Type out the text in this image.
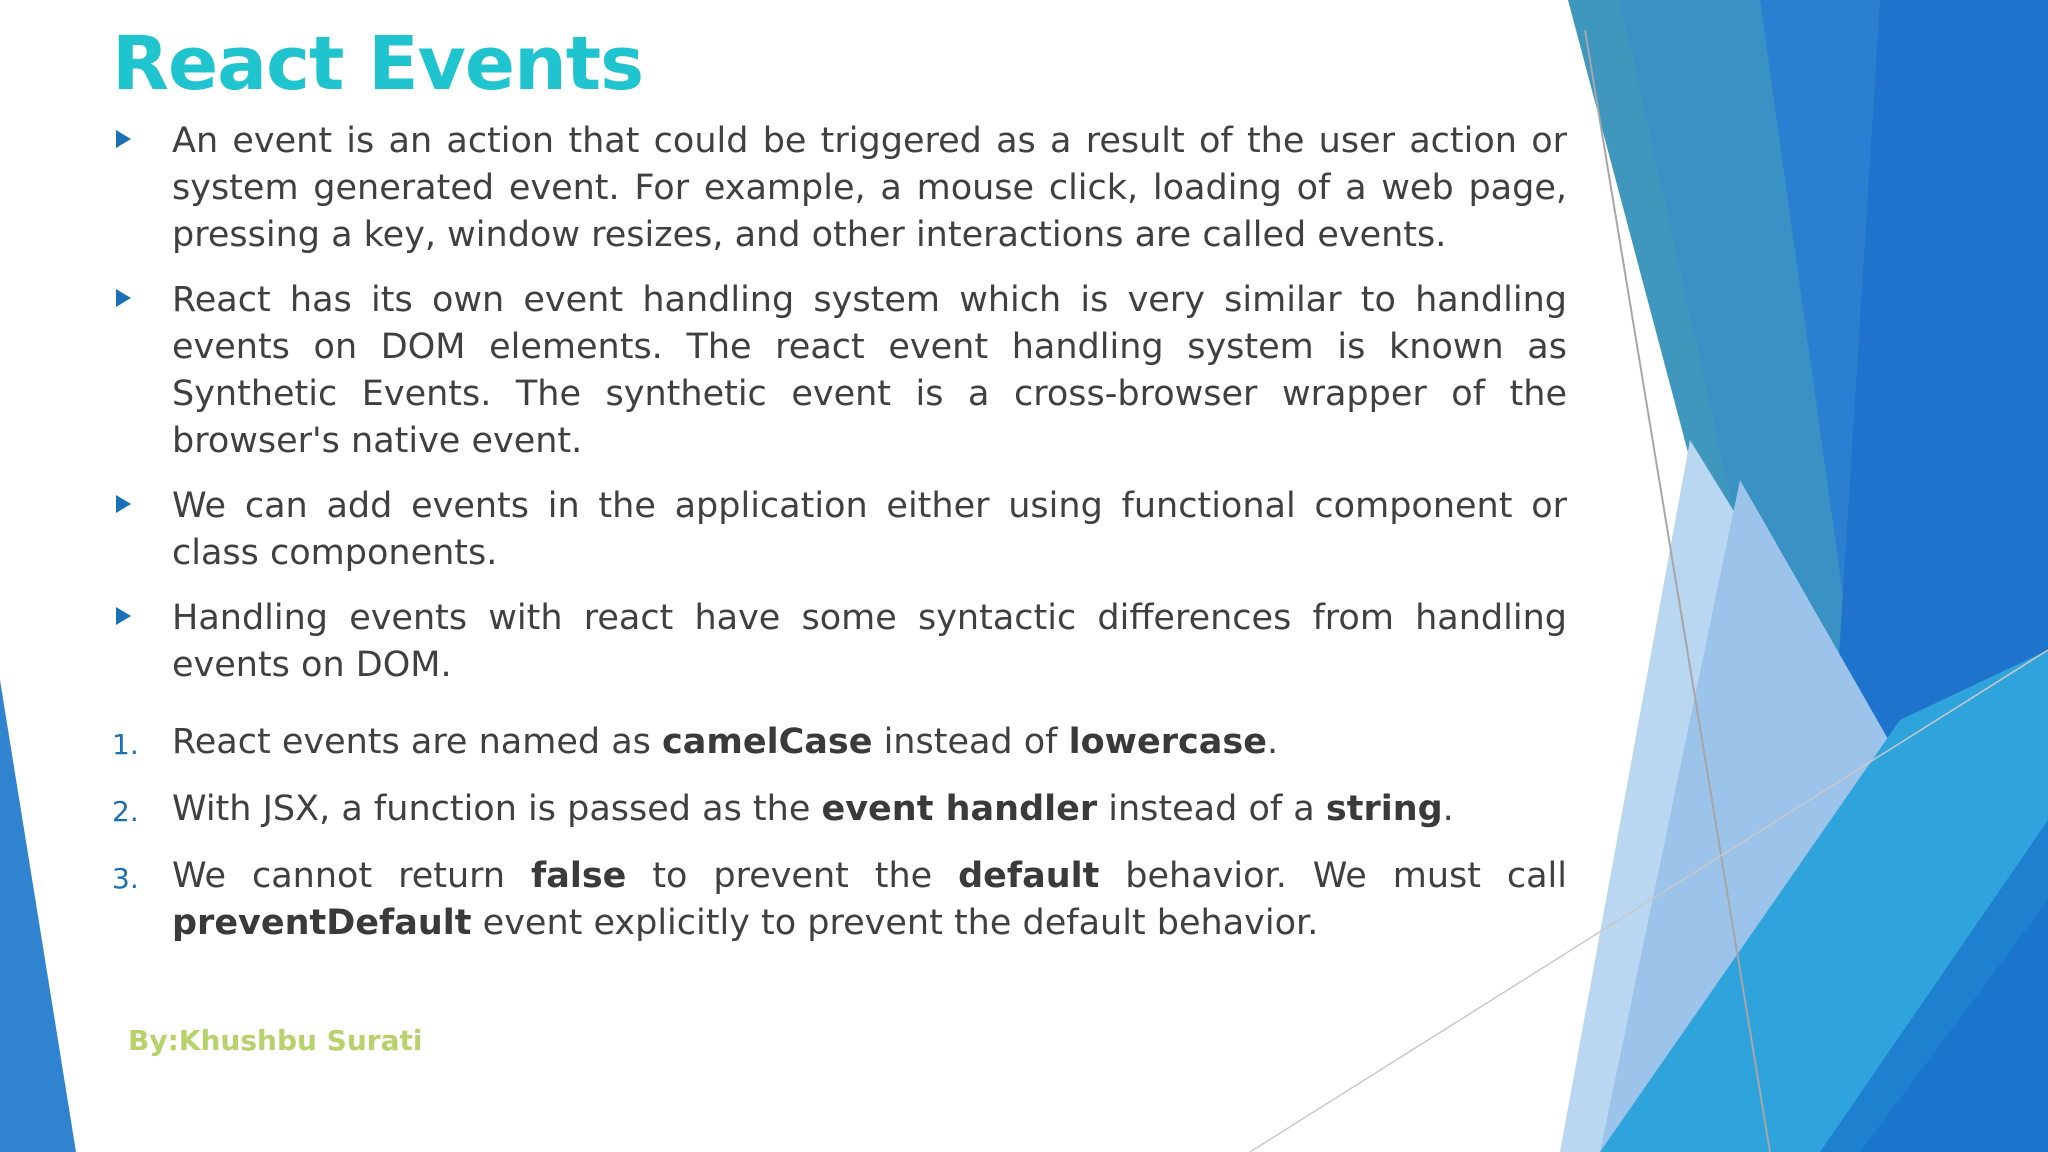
React Events
An event is an action that could be triggered as a result of the user action or system generated event. For example, a mouse click, loading of a web page, pressing a key, window resizes, and other interactions are called events.
React has its own event handling system which is very similar to handling events on DOM elements. The react event handling system is known as Synthetic Events. The synthetic event is a cross-browser wrapper of the browser's native event.
We can add events in the application either using functional component or class components.
Handling events with react have some syntactic differences from handling events on DOM.
1. React events are named as camelCase instead of lowercase.
2. With JSX, a function is passed as the event handler instead of a string.
3. We cannot return false to prevent the default behavior. We must call preventDefault event explicitly to prevent the default behavior.
By:Khushbu Surati
